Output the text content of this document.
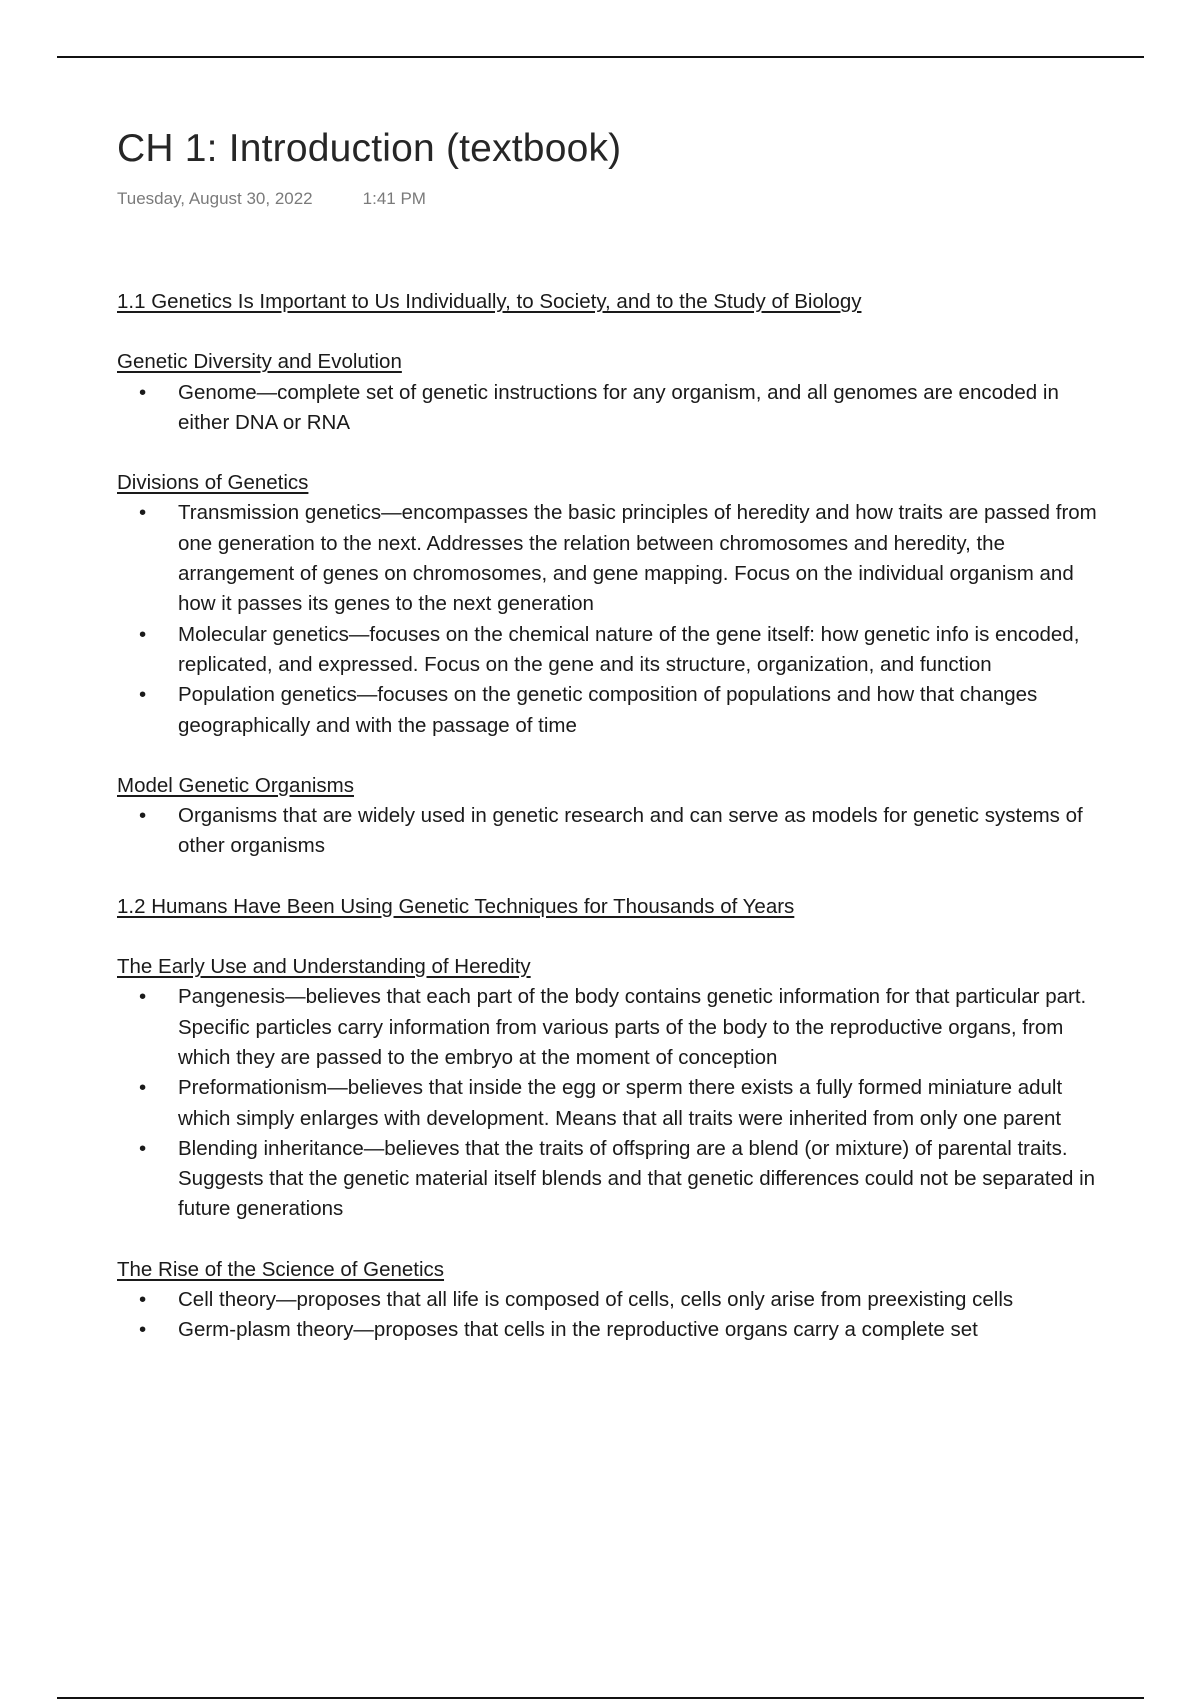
CH 1: Introduction (textbook)
Tuesday, August 30, 2022	1:41 PM

1.1 Genetics Is Important to Us Individually, to Society, and to the Study of Biology

Genetic Diversity and Evolution

• Genome—complete set of genetic instructions for any organism, and all genomes are encoded in either DNA or RNA

Divisions of Genetics

• Transmission genetics—encompasses the basic principles of heredity and how traits are passed from one generation to the next. Addresses the relation between chromosomes and heredity, the arrangement of genes on chromosomes, and gene mapping. Focus on the individual organism and how it passes its genes to the next generation
• Molecular genetics—focuses on the chemical nature of the gene itself: how genetic info is encoded, replicated, and expressed. Focus on the gene and its structure, organization, and function
• Population genetics—focuses on the genetic composition of populations and how that changes geographically and with the passage of time

Model Genetic Organisms

• Organisms that are widely used in genetic research and can serve as models for genetic systems of other organisms

1.2 Humans Have Been Using Genetic Techniques for Thousands of Years

The Early Use and Understanding of Heredity

• Pangenesis—believes that each part of the body contains genetic information for that particular part. Specific particles carry information from various parts of the body to the reproductive organs, from which they are passed to the embryo at the moment of conception
• Preformationism—believes that inside the egg or sperm there exists a fully formed miniature adult which simply enlarges with development. Means that all traits were inherited from only one parent
• Blending inheritance—believes that the traits of offspring are a blend (or mixture) of parental traits. Suggests that the genetic material itself blends and that genetic differences could not be separated in future generations

The Rise of the Science of Genetics

• Cell theory—proposes that all life is composed of cells, cells only arise from preexisting cells
• Germ-plasm theory—proposes that cells in the reproductive organs carry a complete set
